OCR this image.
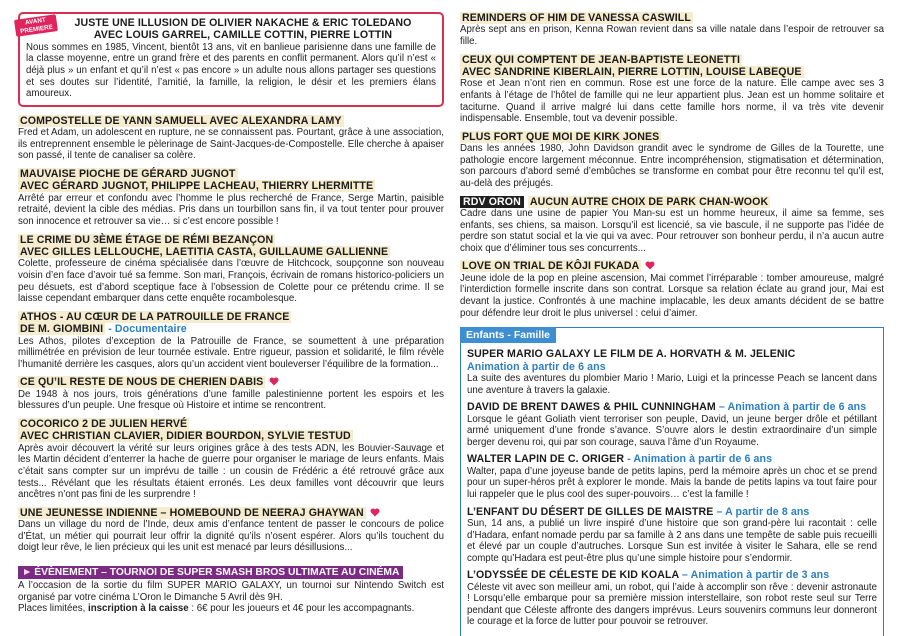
AVANT PREMIERE	JUSTE UNE ILLUSION DE OLIVIER NAKACHE & ERIC TOLEDANO
AVEC LOUIS GARREL, CAMILLE COTTIN, PIERRE LOTTIN
Nous sommes en 1985, Vincent, bientôt 13 ans, vit en banlieue parisienne dans une famille de la classe moyenne, entre un grand frère et des parents en conflit permanent. Alors qu’il n’est « déjà plus » un enfant et qu’il n’est « pas encore » un adulte nous allons partager ses questions et ses doutes sur l’identité, l’amitié, la famille, la religion, le désir et les premiers élans amoureux.
COMPOSTELLE DE YANN SAMUELL AVEC ALEXANDRA LAMY
Fred et Adam, un adolescent en rupture, ne se connaissent pas. Pourtant, grâce à une association, ils entreprennent ensemble le pèlerinage de Saint-Jacques-de-Compostelle. Elle cherche à apaiser son passé, il tente de canaliser sa colère.
MAUVAISE PIOCHE DE GÉRARD JUGNOT
AVEC GÉRARD JUGNOT, PHILIPPE LACHEAU, THIERRY LHERMITTE
Arrêté par erreur et confondu avec l’homme le plus recherché de France, Serge Martin, paisible retraité, devient la cible des médias. Pris dans un tourbillon sans fin, il va tout tenter pour prouver son innocence et retrouver sa vie… si c’est encore possible !
LE CRIME DU 3ÈME ÉTAGE DE RÉMI BEZANÇON
AVEC GILLES LELLOUCHE, LAETITIA CASTA, GUILLAUME GALLIENNE
Colette, professeure de cinéma spécialisée dans l’œuvre de Hitchcock, soupçonne son nouveau voisin d’en face d’avoir tué sa femme. Son mari, François, écrivain de romans historico-policiers un peu désuets, est d’abord sceptique face à l’obsession de Colette pour ce prétendu crime. Il se laisse cependant embarquer dans cette enquête rocambolesque.
ATHOS - AU CŒUR DE LA PATROUILLE DE FRANCE
DE M. GIOMBINI - Documentaire
Les Athos, pilotes d’exception de la Patrouille de France, se soumettent à une préparation millimétrée en prévision de leur tournée estivale. Entre rigueur, passion et solidarité, le film révèle l’humanité derrière les casques, alors qu’un accident vient bouleverser l’équilibre de la formation...
CE QU’IL RESTE DE NOUS DE CHERIEN DABIS
De 1948 à nos jours, trois générations d’une famille palestinienne portent les espoirs et les blessures d’un peuple. Une fresque où Histoire et intime se rencontrent.
COCORICO 2 DE JULIEN HERVÉ
AVEC CHRISTIAN CLAVIER, DIDIER BOURDON, SYLVIE TESTUD
Après avoir découvert la vérité sur leurs origines grâce à des tests ADN, les Bouvier-Sauvage et les Martin décident d’enterrer la hache de guerre pour organiser le mariage de leurs enfants. Mais c’était sans compter sur un imprévu de taille : un cousin de Frédéric a été retrouvé grâce aux tests... Révélant que les résultats étaient erronés. Les deux familles vont découvrir que leurs ancêtres n’ont pas fini de les surprendre !
UNE JEUNESSE INDIENNE – HOMEBOUND DE NEERAJ GHAYWAN
Dans un village du nord de l’Inde, deux amis d’enfance tentent de passer le concours de police d’État, un métier qui pourrait leur offrir la dignité qu’ils n’osent espérer. Alors qu’ils touchent du doigt leur rêve, le lien précieux qui les unit est menacé par leurs désillusions...
► ÉVÈNEMENT – TOURNOI DE SUPER SMASH BROS ULTIMATE AU CINÉMA
A l’occasion de la sortie du film SUPER MARIO GALAXY, un tournoi sur Nintendo Switch est organisé par votre cinéma L’Oron le Dimanche 5 Avril dès 9H.
Places limitées, inscription à la caisse : 6€ pour les joueurs et 4€ pour les accompagnants.
REMINDERS OF HIM DE VANESSA CASWILL
Après sept ans en prison, Kenna Rowan revient dans sa ville natale dans l’espoir de retrouver sa fille.
CEUX QUI COMPTENT DE JEAN-BAPTISTE LEONETTI
AVEC SANDRINE KIBERLAIN, PIERRE LOTTIN, LOUISE LABEQUE
Rose et Jean n’ont rien en commun. Rose est une force de la nature. Elle campe avec ses 3 enfants à l’étage de l’hôtel de famille qui ne leur appartient plus. Jean est un homme solitaire et taciturne. Quand il arrive malgré lui dans cette famille hors norme, il va très vite devenir indispensable. Ensemble, tout va devenir possible.
PLUS FORT QUE MOI DE KIRK JONES
Dans les années 1980, John Davidson grandit avec le syndrome de Gilles de la Tourette, une pathologie encore largement méconnue. Entre incompréhension, stigmatisation et détermination, son parcours d’abord semé d’embûches se transforme en combat pour être reconnu tel qu’il est, au-delà des préjugés.
RDV ORON AUCUN AUTRE CHOIX DE PARK CHAN-WOOK
Cadre dans une usine de papier You Man-su est un homme heureux, il aime sa femme, ses enfants, ses chiens, sa maison. Lorsqu’il est licencié, sa vie bascule, il ne supporte pas l’idée de perdre son statut social et la vie qui va avec. Pour retrouver son bonheur perdu, il n’a aucun autre choix que d’éliminer tous ses concurrents...
LOVE ON TRIAL DE KÔJI FUKADA
Jeune idole de la pop en pleine ascension, Mai commet l’irréparable : tomber amoureuse, malgré l’interdiction formelle inscrite dans son contrat. Lorsque sa relation éclate au grand jour, Mai est devant la justice. Confrontés à une machine implacable, les deux amants décident de se battre pour défendre leur droit le plus universel : celui d’aimer.
Enfants - Famille
SUPER MARIO GALAXY LE FILM DE A. HORVATH & M. JELENIC
Animation à partir de 6 ans
La suite des aventures du plombier Mario ! Mario, Luigi et la princesse Peach se lancent dans une aventure à travers la galaxie.
DAVID DE BRENT DAWES & PHIL CUNNINGHAM – Animation à partir de 6 ans
Lorsque le géant Goliath vient terroriser son peuple, David, un jeune berger drôle et pétillant armé uniquement d’une fronde s’avance. S’ouvre alors le destin extraordinaire d’un simple berger devenu roi, qui par son courage, sauva l’âme d’un Royaume.
WALTER LAPIN DE C. ORIGER - Animation à partir de 6 ans
Walter, papa d’une joyeuse bande de petits lapins, perd la mémoire après un choc et se prend pour un super-héros prêt à explorer le monde. Mais la bande de petits lapins va tout faire pour lui rappeler que le plus cool des super-pouvoirs… c’est la famille !
L’ENFANT DU DÉSERT DE GILLES DE MAISTRE – A partir de 8 ans
Sun, 14 ans, a publié un livre inspiré d’une histoire que son grand-père lui racontait : celle d’Hadara, enfant nomade perdu par sa famille à 2 ans dans une tempête de sable puis recueilli et élevé par un couple d’autruches. Lorsque Sun est invitée à visiter le Sahara, elle se rend compte qu’Hadara est peut-être plus qu’une simple histoire pour s’endormir.
L’ODYSSÉE DE CÉLESTE DE KID KOALA – Animation à partir de 3 ans
Céleste vit avec son meilleur ami, un robot, qui l’aide à accomplir son rêve : devenir astronaute ! Lorsqu’elle embarque pour sa première mission interstellaire, son robot reste seul sur Terre pendant que Céleste affronte des dangers imprévus. Leurs souvenirs communs leur donneront le courage et la force de lutter pour pouvoir se retrouver.
